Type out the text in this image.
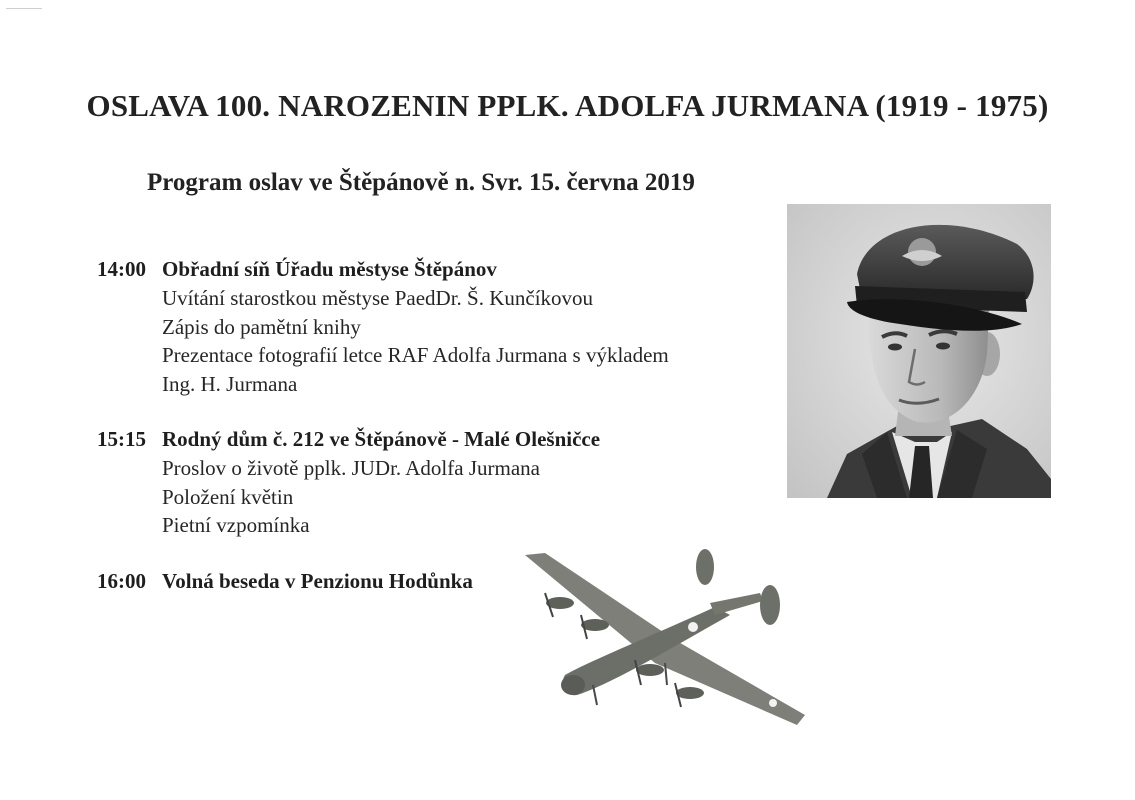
OSLAVA 100. NAROZENIN PPLK. ADOLFA JURMANA (1919 - 1975)
Program oslav ve Štěpánově n. Svr. 15. června 2019
14:00 Obřadní síň Úřadu městyse Štěpánov
Uvítání starostkou městyse PaedDr. Š. Kunčíkovou
Zápis do pamětní knihy
Prezentace fotografií letce RAF Adolfa Jurmana s výkladem
Ing. H. Jurmana
15:15 Rodný dům č. 212 ve Štěpánově - Malé Olešničce
Proslov o životě pplk. JUDr. Adolfa Jurmana
Položení květin
Pietní vzpomínka
16:00 Volná beseda v Penzionu Hodůnka
